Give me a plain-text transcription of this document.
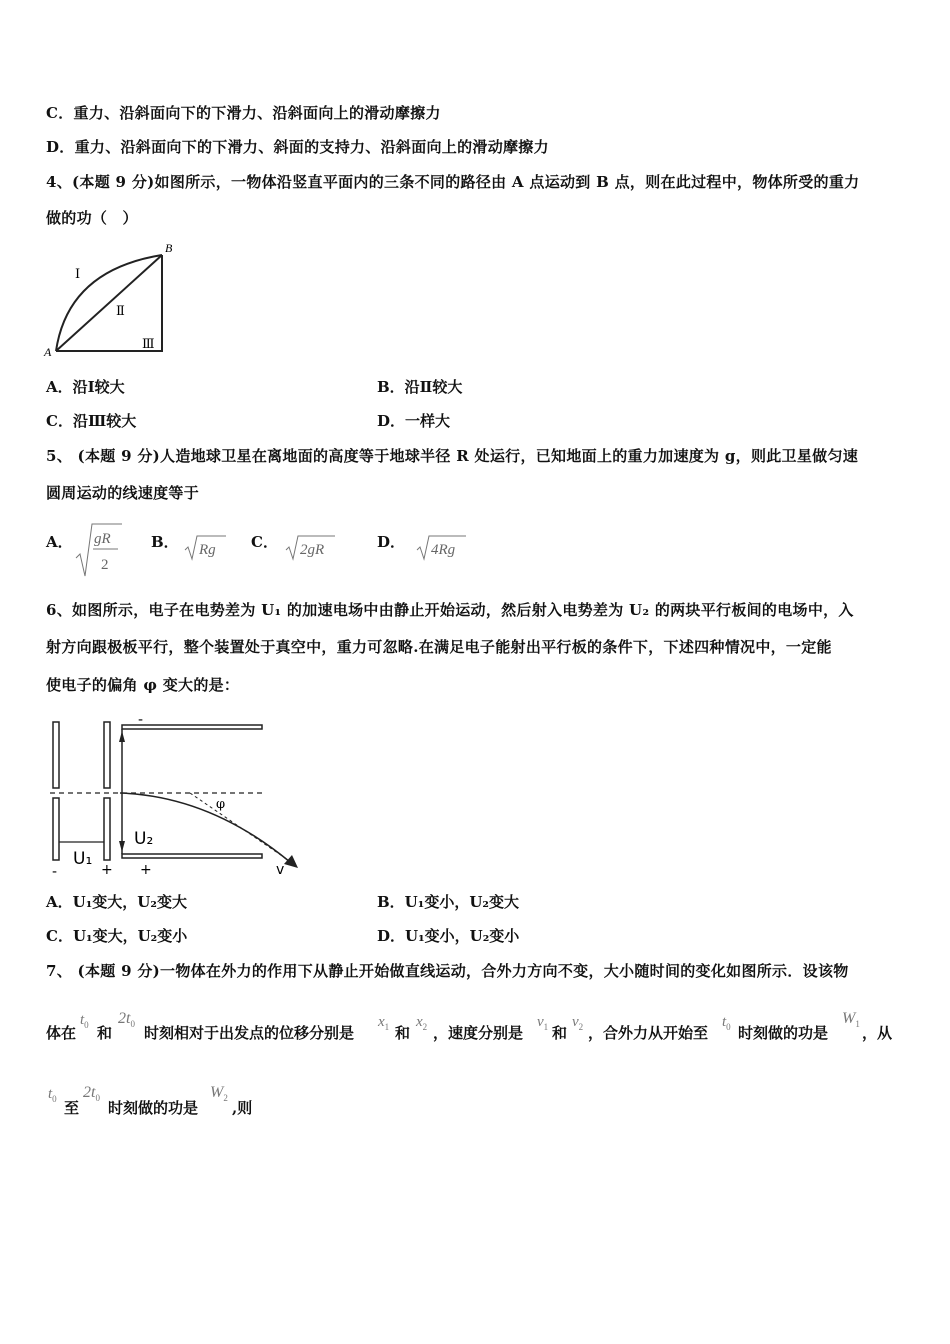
C．重力、沿斜面向下的下滑力、沿斜面向上的滑动摩擦力
D．重力、沿斜面向下的下滑力、斜面的支持力、沿斜面向上的滑动摩擦力
4、(本题 9 分)如图所示，一物体沿竖直平面内的三条不同的路径由 A 点运动到 B 点，则在此过程中，物体所受的重力
做的功（　）
A
B
Ⅰ
Ⅱ
Ⅲ
A．沿Ⅰ较大	B．沿Ⅱ较大
C．沿Ⅲ较大	D．一样大
5、 (本题 9 分)人造地球卫星在离地面的高度等于地球半径 R 处运行，已知地面上的重力加速度为 g，则此卫星做匀速
圆周运动的线速度等于
A． gR
2
B． Rg C． 2gR	D． 4Rg
6、如图所示，电子在电势差为 U₁ 的加速电场中由静止开始运动，然后射入电势差为 U₂ 的两块平行板间的电场中，入
射方向跟极板平行，整个装置处于真空中，重力可忽略.在满足电子能射出平行板的条件下，下述四种情况中，一定能
使电子的偏角 φ 变大的是：
-
φ
U₂
U₁
-	+ +	v
A．U₁变大，U₂变大	B．U₁变小，U₂变大
C．U₁变大，U₂变小	D．U₁变小，U₂变小
7、 (本题 9 分)一物体在外力的作用下从静止开始做直线运动，合外力方向不变，大小随时间的变化如图所示．设该物
体在
$t_0$ 和
$2t_0$ 时刻相对于出发点的位移分别是
$x_1$ 和
$x_2$ ，速度分别是
$v_1$ 和
$v_2$ ，合外力从开始至
$t_0$ 时刻做的功是
$W_1$ ，从
$t_0$ 至
$2t_0$
时刻做的功是
$W_2$
,则
